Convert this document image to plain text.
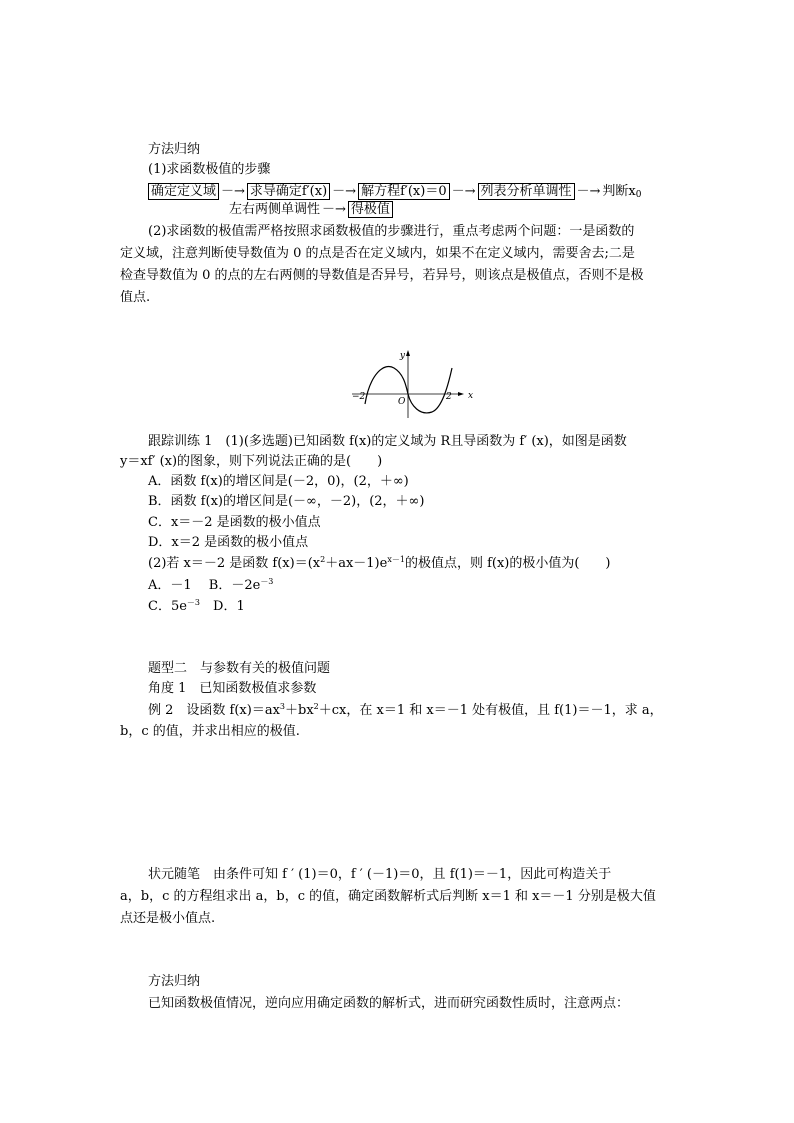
方法归纳
(1)求函数极值的步骤
确定定义域 －→ 求导确定f′(x) －→ 解方程f′(x)＝0 －→ 列表分析单调性 －→ 判断$x_0$
左右两侧单调性 －→ 得极值
(2)求函数的极值需严格按照求函数极值的步骤进行，重点考虑两个问题：一是函数的
定义域，注意判断使导数值为 0 的点是否在定义域内，如果不在定义域内，需要舍去;二是
检查导数值为 0 的点的左右两侧的导数值是否异号，若异号，则该点是极值点，否则不是极
值点.
y
x
O
−2	2
跟踪训练 1　(1)(多选题)已知函数 f(x)的定义域为 R且导函数为 f′ (x)，如图是函数
y＝xf′ (x)的图象，则下列说法正确的是(　　)
A．函数 f(x)的增区间是(－2，0)，(2，＋∞)
B．函数 f(x)的增区间是(－∞，－2)，(2，＋∞)
C．x＝－2 是函数的极小值点
D．x＝2 是函数的极小值点
(2)若 x＝－2 是函数 $f(x)=(x^2+ax-1)e^{x-1}$的极值点，则 f(x)的极小值为(　　)
A．－1　 B．$-2e^{-3}$
C．$5e^{-3}$　D．1
题型二　与参数有关的极值问题
角度 1　已知函数极值求参数
例 2　设函数 $f(x)=ax^3+bx^2+cx$，在 x＝1 和 x＝－1 处有极值，且 f(1)＝－1，求 a，
b，c 的值，并求出相应的极值.
状元随笔　由条件可知 f ′ (1)＝0，f ′ (－1)＝0，且 f(1)＝－1，因此可构造关于
a，b，c 的方程组求出 a，b，c 的值，确定函数解析式后判断 x＝1 和 x＝－1 分别是极大值
点还是极小值点.
方法归纳
已知函数极值情况，逆向应用确定函数的解析式，进而研究函数性质时，注意两点：
